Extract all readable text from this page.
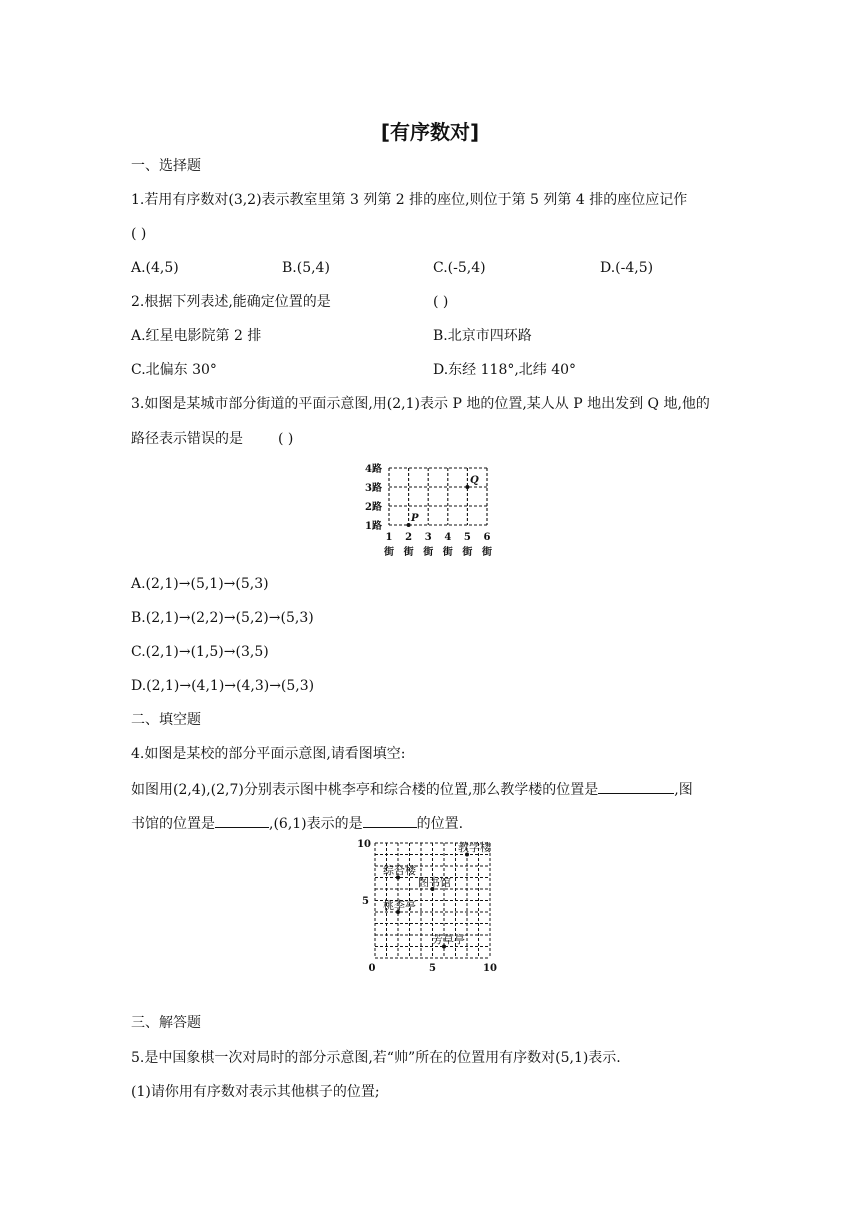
[有序数对]
一、选择题
1.若用有序数对(3,2)表示教室里第 3 列第 2 排的座位,则位于第 5 列第 4 排的座位应记作
( )
A.(4,5)	B.(5,4)	C.(-5,4)	D.(-4,5)
2.根据下列表述,能确定位置的是	( )
A.红星电影院第 2 排	B.北京市四环路
C.北偏东 30°	D.东经 118°,北纬 40°
3.如图是某城市部分街道的平面示意图,用(2,1)表示 P 地的位置,某人从 P 地出发到 Q 地,他的
路径表示错误的是	( )
4路
3路
2路
1路
1 2 3 4 5 6
街 街 街 街 街 街
P
Q
A.(2,1)→(5,1)→(5,3)
B.(2,1)→(2,2)→(5,2)→(5,3)
C.(2,1)→(1,5)→(3,5)
D.(2,1)→(4,1)→(4,3)→(5,3)
二、填空题
4.如图是某校的部分平面示意图,请看图填空:
如图用(2,4),(2,7)分别表示图中桃李亭和综合楼的位置,那么教学楼的位置是	,图
书馆的位置是	,(6,1)表示的是	的位置.
0	5	10
5
10	教学楼
综合楼
图书馆
桃李亭
芳草亭
三、解答题
5.是中国象棋一次对局时的部分示意图,若“帅”所在的位置用有序数对(5,1)表示.
(1)请你用有序数对表示其他棋子的位置;
